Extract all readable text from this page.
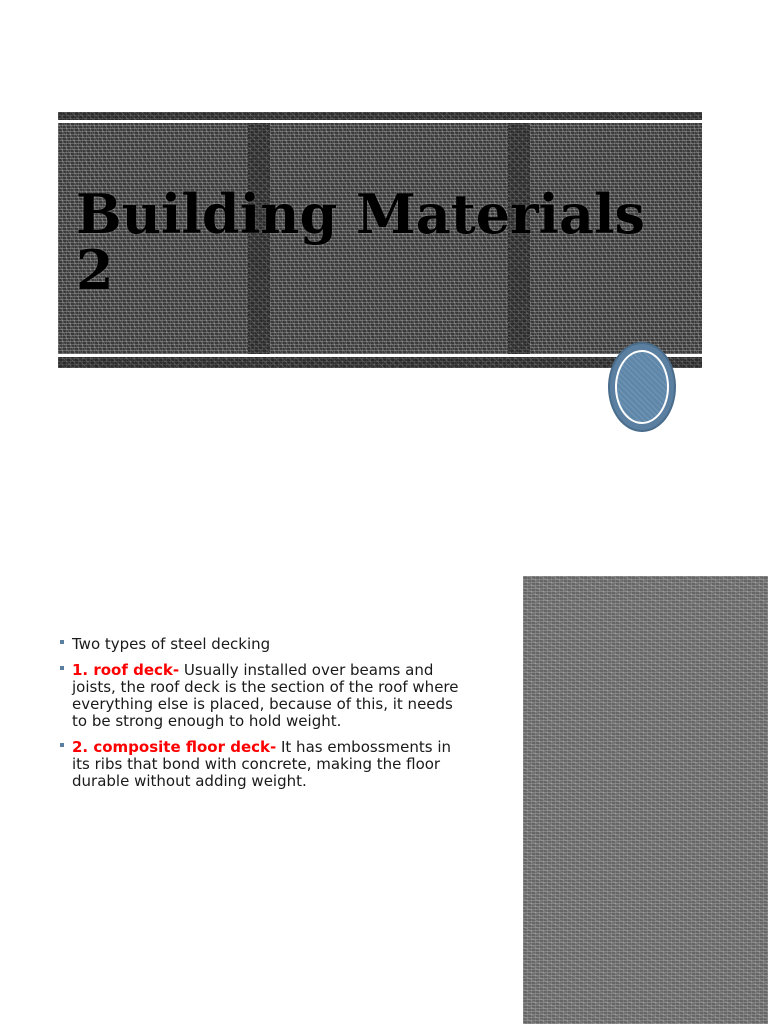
Building Materials 2
Two types of steel decking
1. roof deck- Usually installed over beams and joists, the roof deck is the section of the roof where everything else is placed, because of this, it needs to be strong enough to hold weight.
2. composite floor deck- It has embossments in its ribs that bond with concrete, making the floor durable without adding weight.
